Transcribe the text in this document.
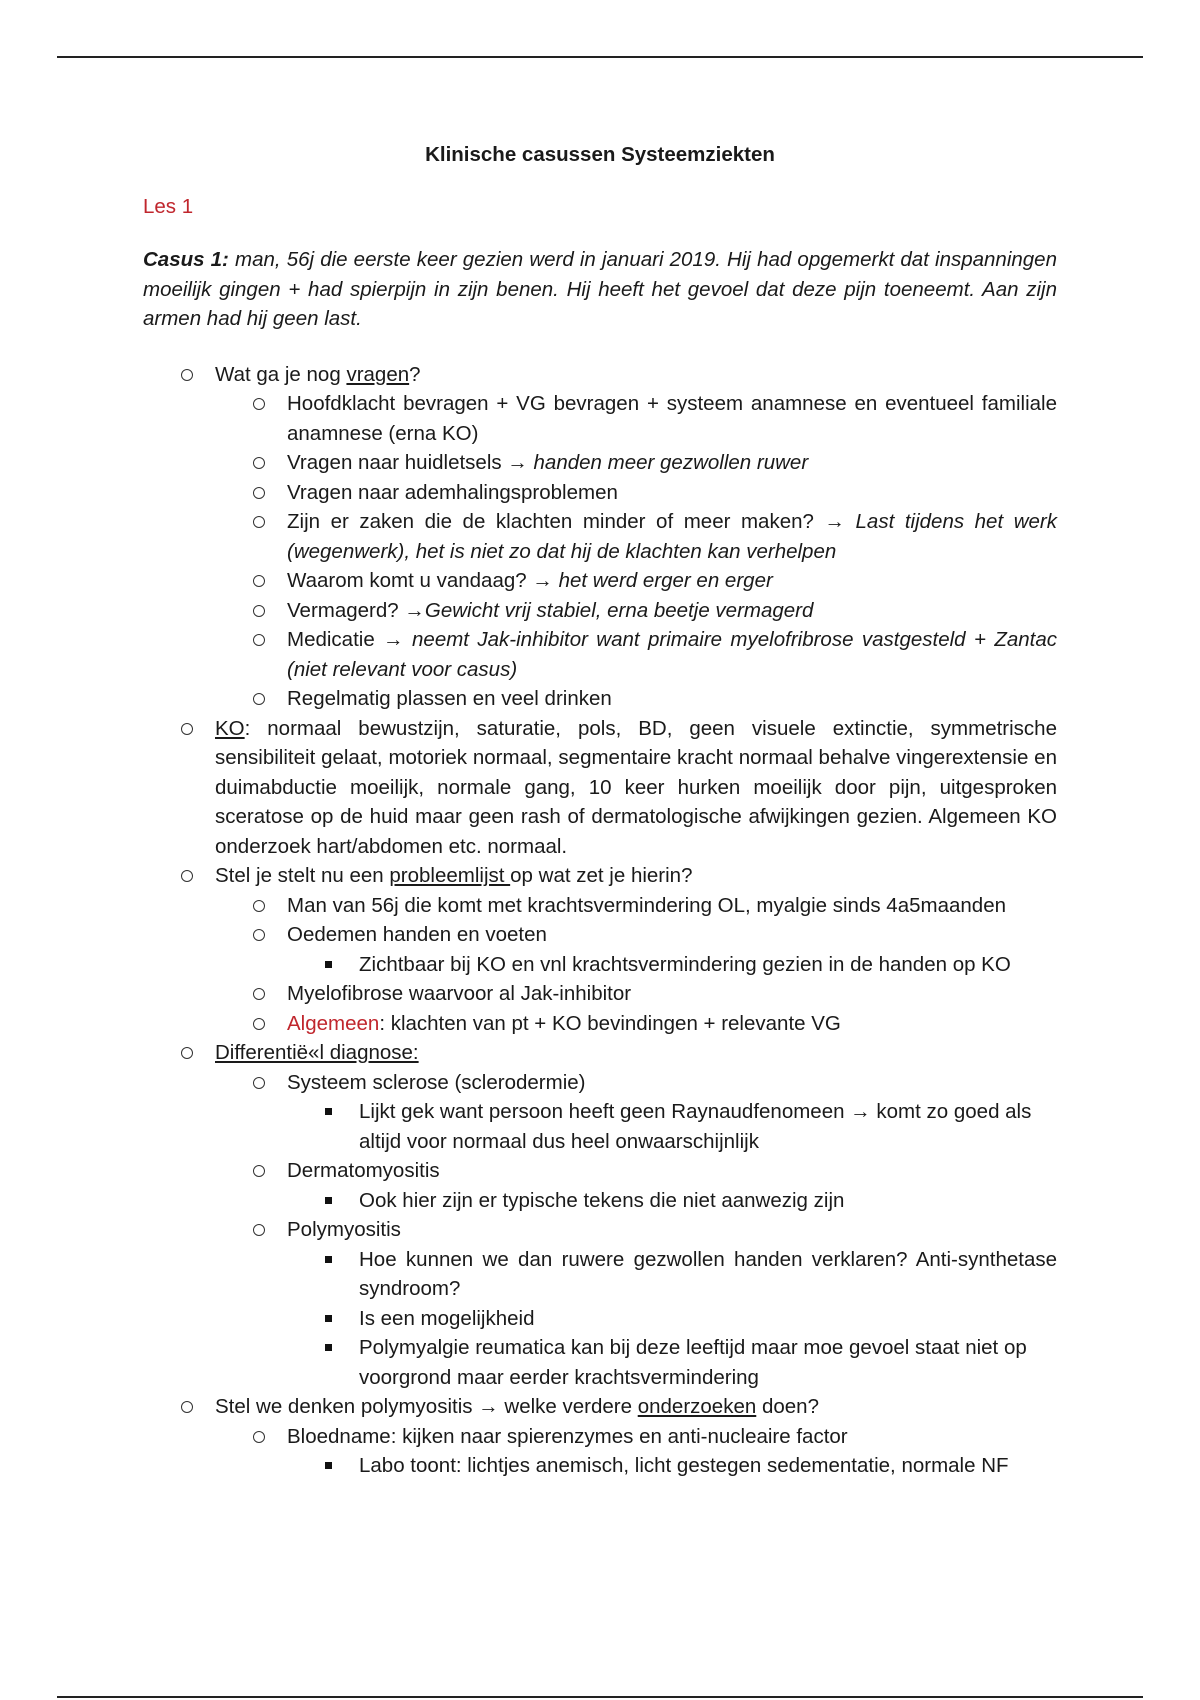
Klinische casussen Systeemziekten
Les 1
Casus 1: man, 56j die eerste keer gezien werd in januari 2019. Hij had opgemerkt dat inspanningen moeilijk gingen + had spierpijn in zijn benen. Hij heeft het gevoel dat deze pijn toeneemt. Aan zijn armen had hij geen last.
Wat ga je nog vragen?
Hoofdklacht bevragen + VG bevragen + systeem anamnese en eventueel familiale anamnese (erna KO)
Vragen naar huidletsels → handen meer gezwollen ruwer
Vragen naar ademhalingsproblemen
Zijn er zaken die de klachten minder of meer maken? → Last tijdens het werk (wegenwerk), het is niet zo dat hij de klachten kan verhelpen
Waarom komt u vandaag? → het werd erger en erger
Vermagerd? →Gewicht vrij stabiel, erna beetje vermagerd
Medicatie → neemt Jak-inhibitor want primaire myelofribrose vastgesteld + Zantac (niet relevant voor casus)
Regelmatig plassen en veel drinken
KO: normaal bewustzijn, saturatie, pols, BD, geen visuele extinctie, symmetrische sensibiliteit gelaat, motoriek normaal, segmentaire kracht normaal behalve vingerextensie en duimabductie moeilijk, normale gang, 10 keer hurken moeilijk door pijn, uitgesproken sceratose op de huid maar geen rash of dermatologische afwijkingen gezien. Algemeen KO onderzoek hart/abdomen etc. normaal.
Stel je stelt nu een probleemlijst op wat zet je hierin?
Man van 56j die komt met krachtsvermindering OL, myalgie sinds 4a5maanden
Oedemen handen en voeten
Zichtbaar bij KO en vnl krachtsvermindering gezien in de handen op KO
Myelofibrose waarvoor al Jak-inhibitor
Algemeen: klachten van pt + KO bevindingen + relevante VG
Differentië«l diagnose:
Systeem sclerose (sclerodermie)
Lijkt gek want persoon heeft geen Raynaudfenomeen → komt zo goed als altijd voor normaal dus heel onwaarschijnlijk
Dermatomyositis
Ook hier zijn er typische tekens die niet aanwezig zijn
Polymyositis
Hoe kunnen we dan ruwere gezwollen handen verklaren? Anti-synthetase syndroom?
Is een mogelijkheid
Polymyalgie reumatica kan bij deze leeftijd maar moe gevoel staat niet op voorgrond maar eerder krachtsvermindering
Stel we denken polymyositis → welke verdere onderzoeken doen?
Bloedname: kijken naar spierenzymes en anti-nucleaire factor
Labo toont: lichtjes anemisch, licht gestegen sedementatie, normale NF
